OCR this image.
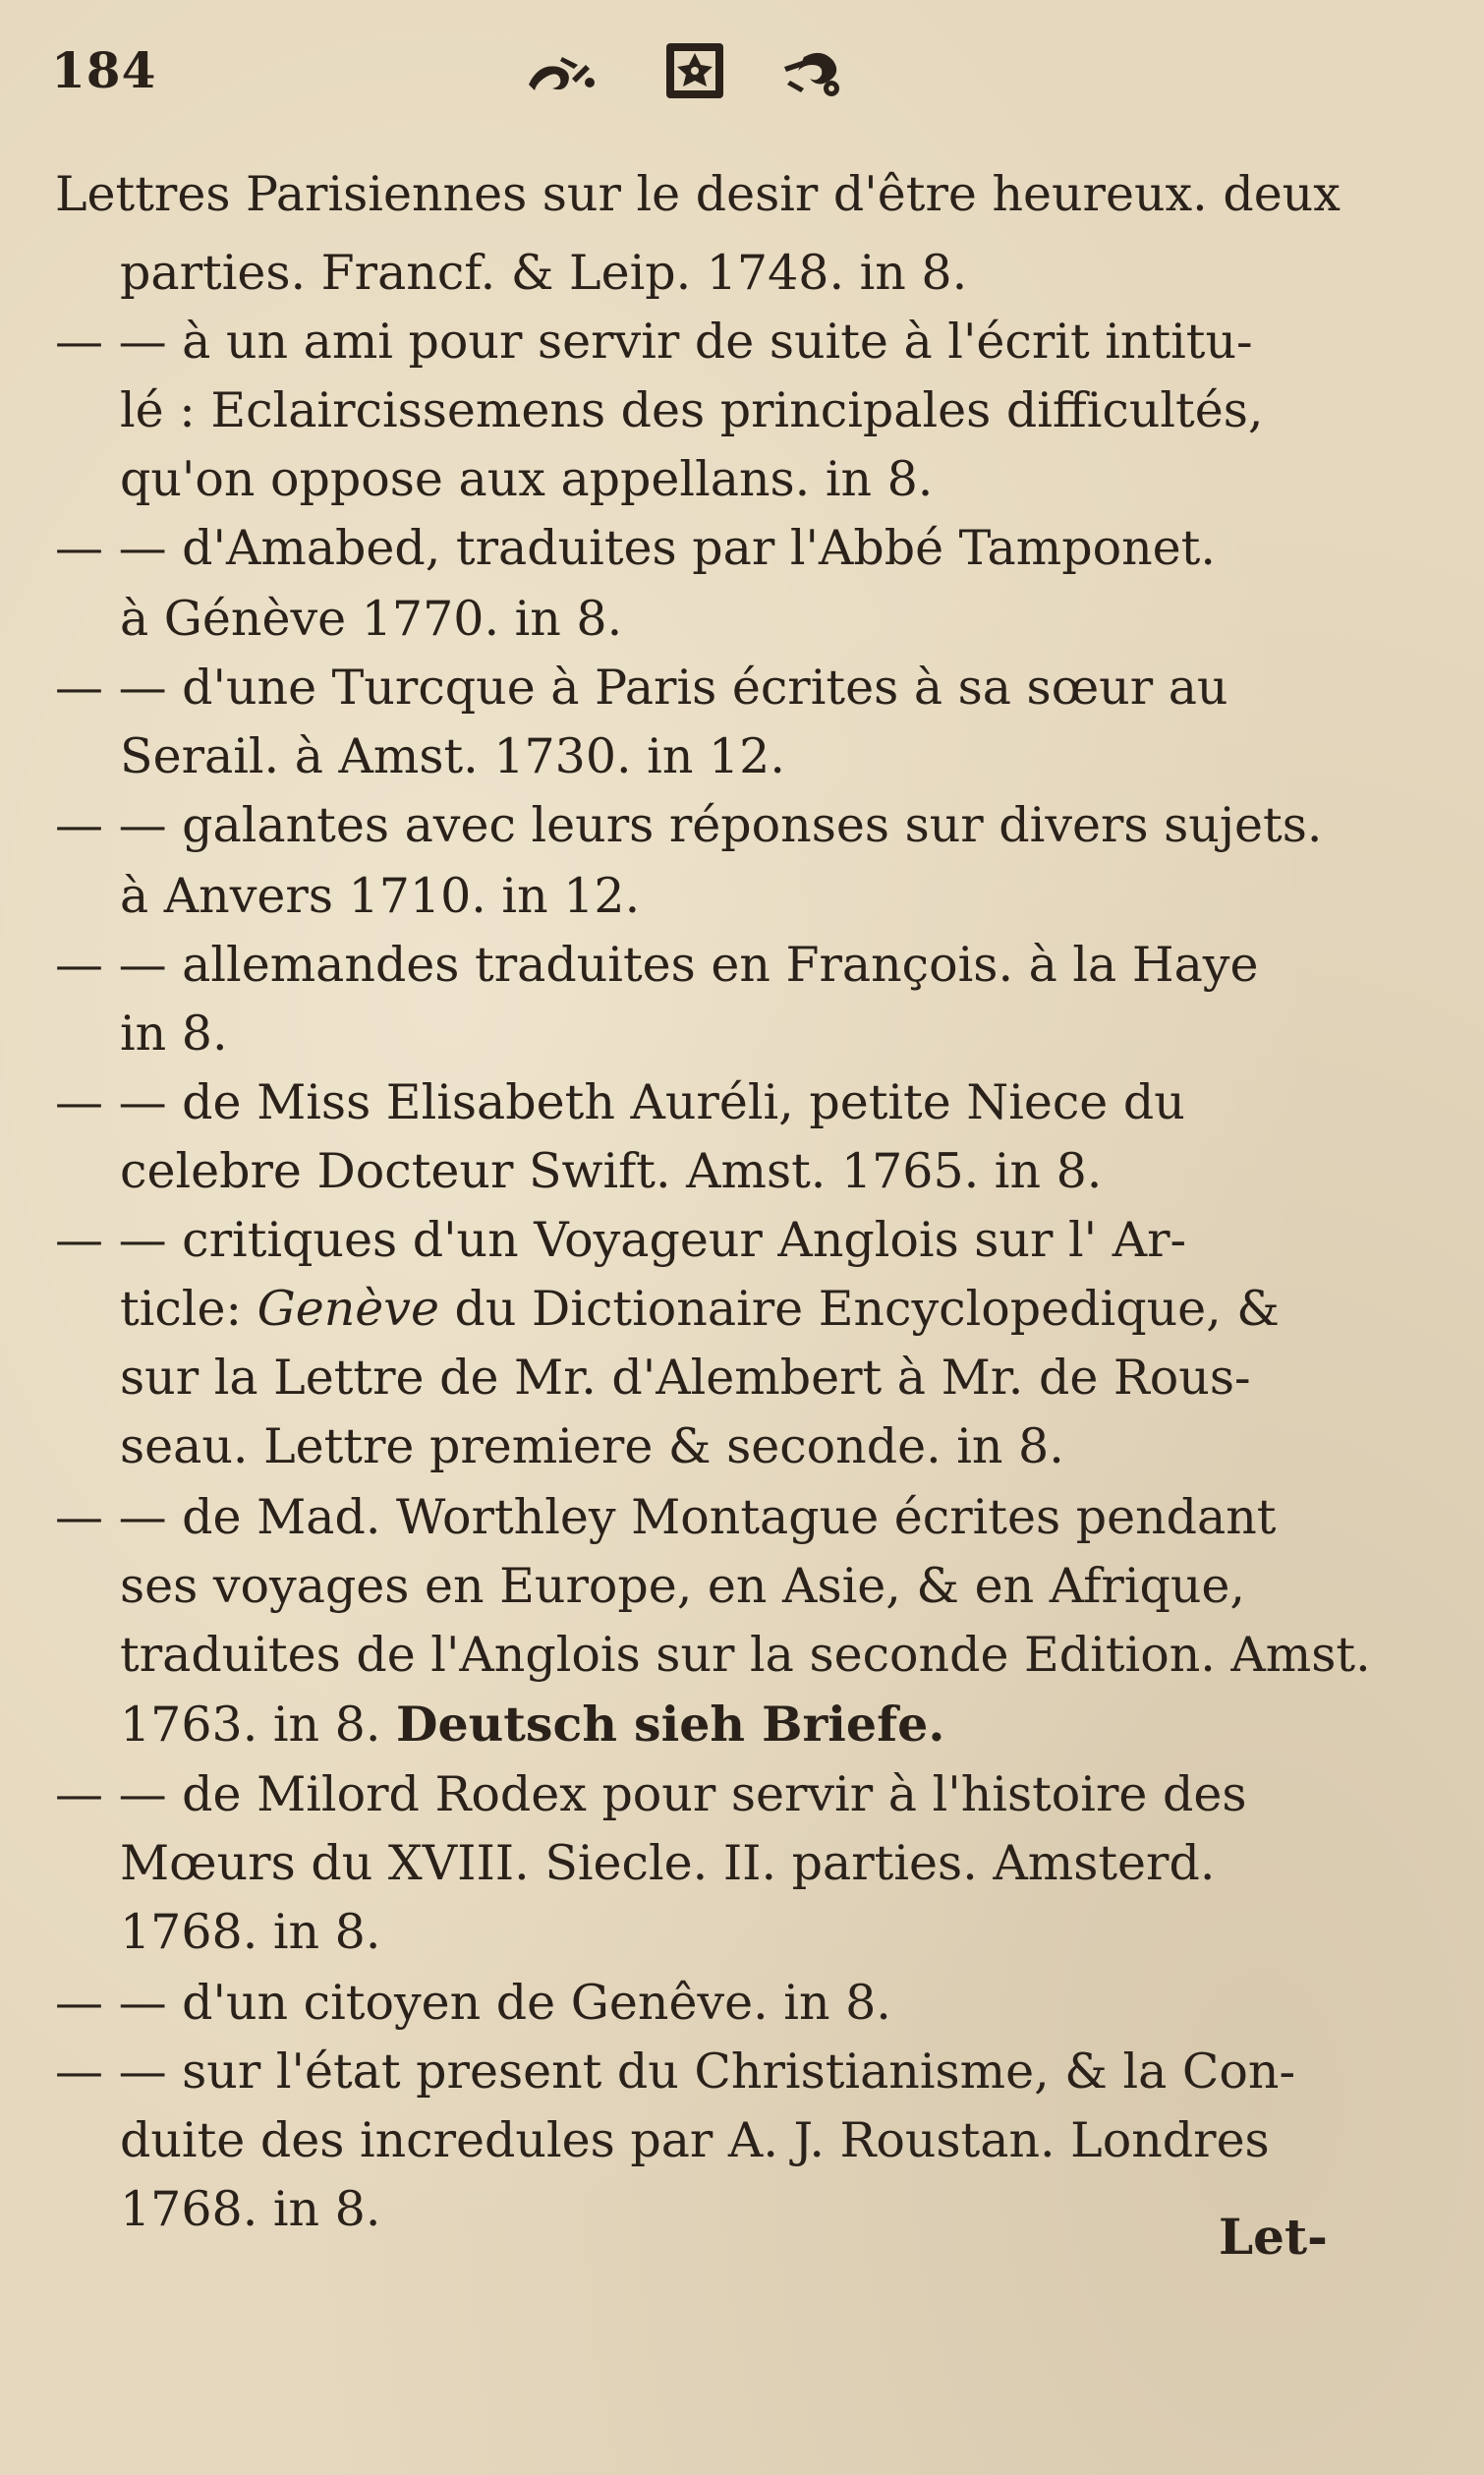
184
Lettres Parisiennes sur le desir d'être heureux. deux
parties. Francf. & Leip. 1748. in 8.
— — à un ami pour servir de suite à l'écrit intitu-
lé : Eclaircissemens des principales difficultés,
qu'on oppose aux appellans. in 8.
— — d'Amabed, traduites par l'Abbé Tamponet.
à Génève 1770. in 8.
— — d'une Turcque à Paris écrites à sa sœur au
Serail. à Amst. 1730. in 12.
— — galantes avec leurs réponses sur divers sujets.
à Anvers 1710. in 12.
— — allemandes traduites en François. à la Haye
in 8.
— — de Miss Elisabeth Auréli, petite Niece du
celebre Docteur Swift. Amst. 1765. in 8.
— — critiques d'un Voyageur Anglois sur l' Ar-
ticle: Genève du Dictionaire Encyclopedique, &
sur la Lettre de Mr. d'Alembert à Mr. de Rous-
seau. Lettre premiere & seconde. in 8.
— — de Mad. Worthley Montague écrites pendant
ses voyages en Europe, en Asie, & en Afrique,
traduites de l'Anglois sur la seconde Edition. Amst.
1763. in 8. Deutsch sieh Briefe.
— — de Milord Rodex pour servir à l'histoire des
Mœurs du XVIII. Siecle. II. parties. Amsterd.
1768. in 8.
— — d'un citoyen de Genêve. in 8.
— — sur l'état present du Christianisme, & la Con-
duite des incredules par A. J. Roustan. Londres
1768. in 8.	Let-
